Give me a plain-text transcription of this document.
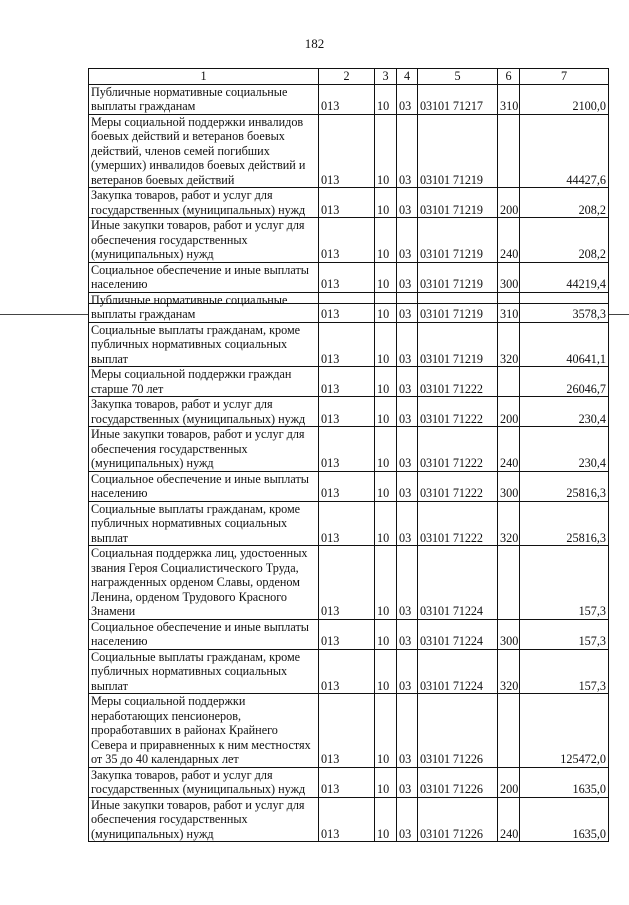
182
1	2	3	4	5	6	7
Публичные нормативные социальные выплаты гражданам	013	10	03	03101 71217	310	2100,0
Меры социальной поддержки инвалидов боевых действий и ветеранов боевых действий, членов семей погибших (умерших) инвалидов боевых действий и ветеранов боевых действий	013	10	03	03101 71219		44427,6
Закупка товаров, работ и услуг для государственных (муниципальных) нужд	013	10	03	03101 71219	200	208,2
Иные закупки товаров, работ и услуг для обеспечения государственных (муниципальных) нужд	013	10	03	03101 71219	240	208,2
Социальное обеспечение и иные выплаты населению	013	10	03	03101 71219	300	44219,4
Публичные нормативные социальные выплаты гражданам	013	10	03	03101 71219	310	3578,3
Социальные выплаты гражданам, кроме публичных нормативных социальных выплат	013	10	03	03101 71219	320	40641,1
Меры социальной поддержки граждан старше 70 лет	013	10	03	03101 71222		26046,7
Закупка товаров, работ и услуг для государственных (муниципальных) нужд	013	10	03	03101 71222	200	230,4
Иные закупки товаров, работ и услуг для обеспечения государственных (муниципальных) нужд	013	10	03	03101 71222	240	230,4
Социальное обеспечение и иные выплаты населению	013	10	03	03101 71222	300	25816,3
Социальные выплаты гражданам, кроме публичных нормативных социальных выплат	013	10	03	03101 71222	320	25816,3
Социальная поддержка лиц, удостоенных звания Героя Социалистического Труда, награжденных орденом Славы, орденом Ленина, орденом Трудового Красного Знамени	013	10	03	03101 71224		157,3
Социальное обеспечение и иные выплаты населению	013	10	03	03101 71224	300	157,3
Социальные выплаты гражданам, кроме публичных нормативных социальных выплат	013	10	03	03101 71224	320	157,3
Меры социальной поддержки неработающих пенсионеров, проработавших в районах Крайнего Севера и приравненных к ним местностях от 35 до 40 календарных лет	013	10	03	03101 71226		125472,0
Закупка товаров, работ и услуг для государственных (муниципальных) нужд	013	10	03	03101 71226	200	1635,0
Иные закупки товаров, работ и услуг для обеспечения государственных (муниципальных) нужд	013	10	03	03101 71226	240	1635,0
